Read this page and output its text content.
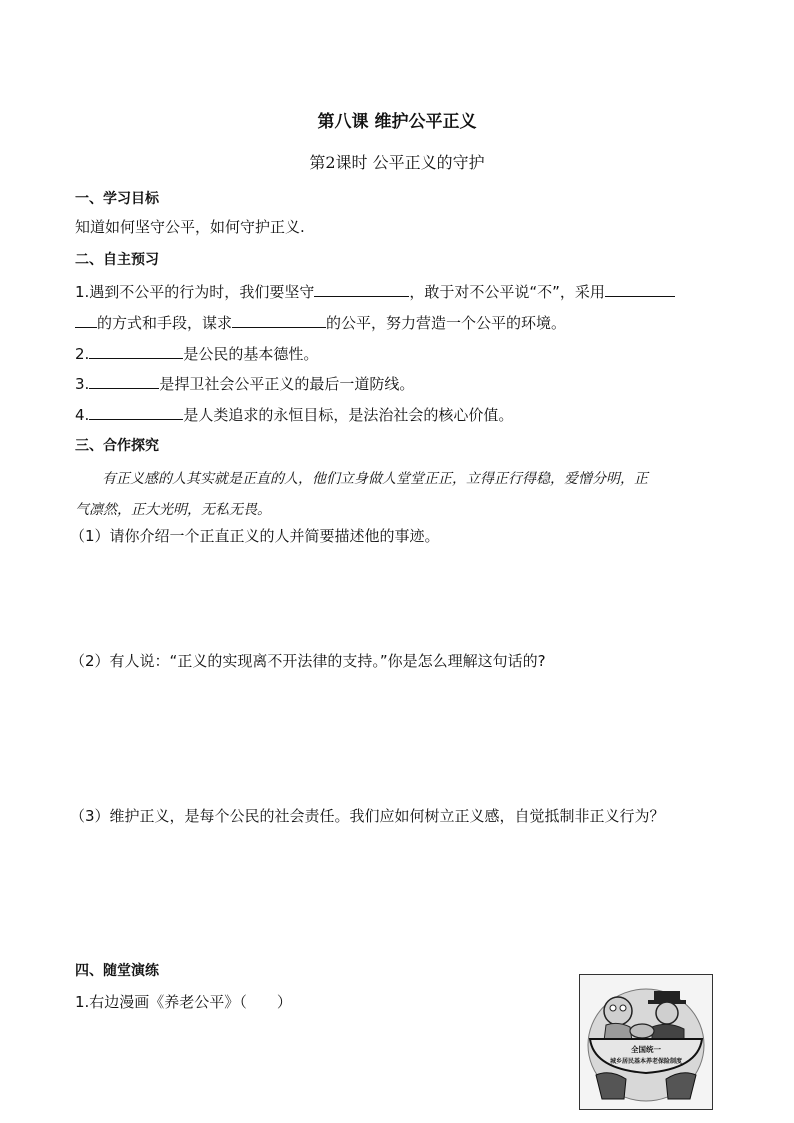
第八课 维护公平正义
第2课时 公平正义的守护
一、学习目标
知道如何坚守公平，如何守护正义.
二、自主预习
1.遇到不公平的行为时，我们要坚守	，敢于对不公平说“不”，采用
的方式和手段，谋求	的公平，努力营造一个公平的环境。
2.	是公民的基本德性。
3.	是捍卫社会公平正义的最后一道防线。
4.	是人类追求的永恒目标，是法治社会的核心价值。
三、合作探究
有正义感的人其实就是正直的人，他们立身做人堂堂正正，立得正行得稳，爱憎分明，正
气凛然，正大光明，无私无畏。
（1）请你介绍一个正直正义的人并简要描述他的事迹。
（2）有人说：“正义的实现离不开法律的支持。”你是怎么理解这句话的?
（3）维护正义，是每个公民的社会责任。我们应如何树立正义感，自觉抵制非正义行为？
四、随堂演练
1.右边漫画《养老公平》（　　）
全国统一
城乡居民基本养老保险制度
